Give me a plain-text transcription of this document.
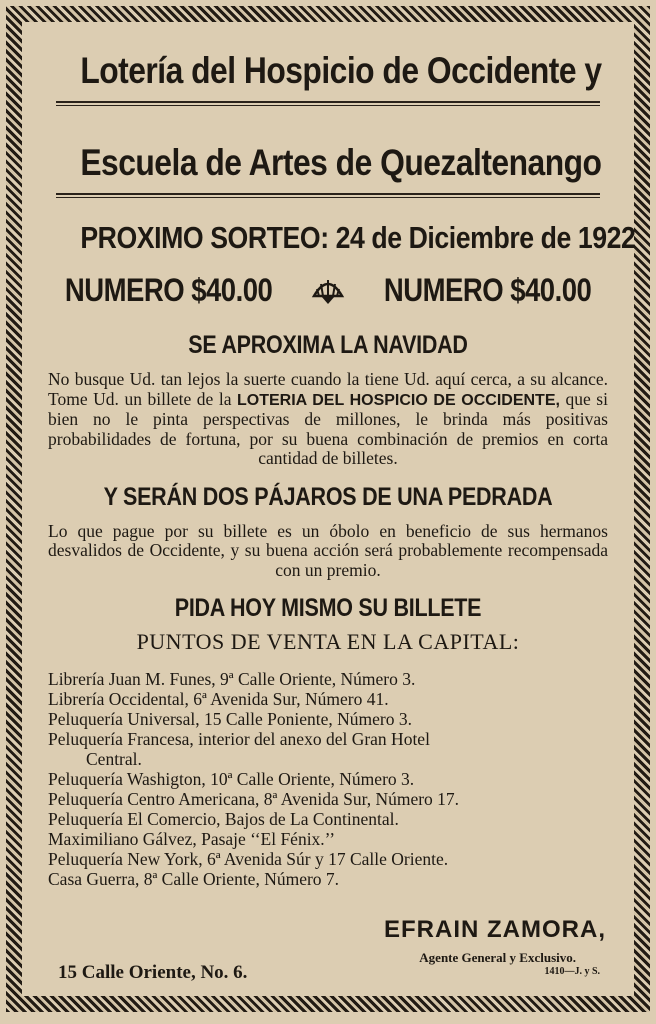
Lotería del Hospicio de Occidente y
Escuela de Artes de Quezaltenango
PROXIMO SORTEO: 24 de Diciembre de 1922
NUMERO $40.00	NUMERO $40.00
SE APROXIMA LA NAVIDAD
No busque Ud. tan lejos la suerte cuando la tiene Ud. aquí cerca, a su alcance. Tome Ud. un billete de la LOTERIA DEL HOSPICIO DE OCCIDENTE, que si bien no le pinta perspectivas de millones, le brinda más positivas probabilidades de fortuna, por su buena combinación de premios en corta cantidad de billetes.
Y SERÁN DOS PÁJAROS DE UNA PEDRADA
Lo que pague por su billete es un óbolo en beneficio de sus hermanos desvalidos de Occidente, y su buena acción será probablemente recompensada con un premio.
PIDA HOY MISMO SU BILLETE
PUNTOS DE VENTA EN LA CAPITAL:
Librería Juan M. Funes, 9ª Calle Oriente, Número 3.
Librería Occidental, 6ª Avenida Sur, Número 41.
Peluquería Universal, 15 Calle Poniente, Número 3.
Peluquería Francesa, interior del anexo del Gran Hotel
Central.
Peluquería Washigton, 10ª Calle Oriente, Número 3.
Peluquería Centro Americana, 8ª Avenida Sur, Número 17.
Peluquería El Comercio, Bajos de La Continental.
Maximiliano Gálvez, Pasaje ‘‘El Fénix.’’
Peluquería New York, 6ª Avenida Súr y 17 Calle Oriente.
Casa Guerra, 8ª Calle Oriente, Número 7.
EFRAIN ZAMORA,
Agente General y Exclusivo.
15 Calle Oriente, No. 6.	1410—J. y S.
